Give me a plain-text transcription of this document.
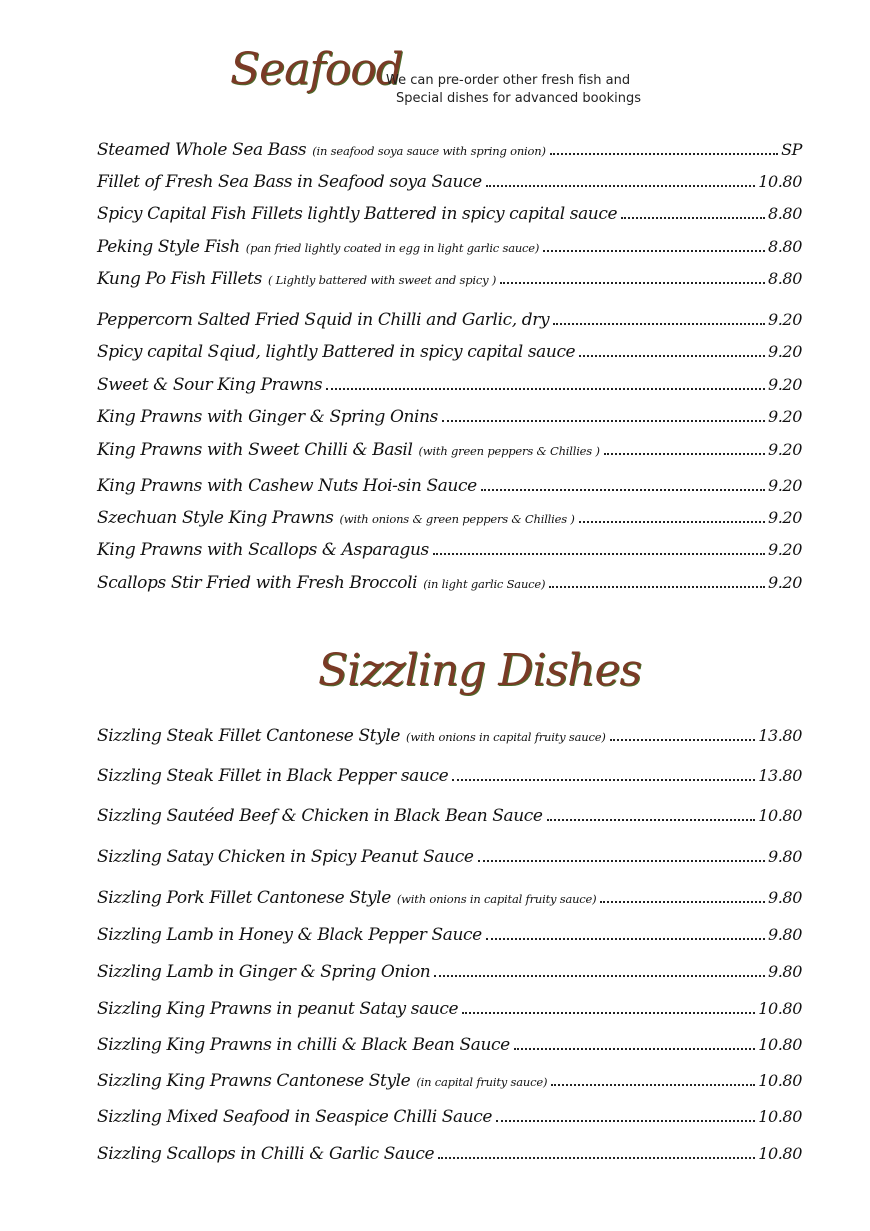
Seafood
We can pre-order other fresh fish and
Special dishes for advanced bookings
Steamed Whole Sea Bass (in seafood soya sauce with spring onion)	SP
Fillet of Fresh Sea Bass in Seafood soya Sauce	10.80
Spicy Capital Fish Fillets lightly Battered in spicy capital sauce	8.80
Peking Style Fish (pan fried lightly coated in egg in light garlic sauce)	8.80
Kung Po Fish Fillets ( Lightly battered with sweet and spicy )	8.80
Peppercorn Salted Fried Squid in Chilli and Garlic, dry	9.20
Spicy capital Sqiud, lightly Battered in spicy capital sauce	9.20
Sweet & Sour King Prawns	9.20
King Prawns with Ginger & Spring Onins	9.20
King Prawns with Sweet Chilli & Basil (with green peppers & Chillies )	9.20
King Prawns with Cashew Nuts Hoi-sin Sauce	9.20
Szechuan Style King Prawns (with onions & green peppers & Chillies )	9.20
King Prawns with Scallops & Asparagus	9.20
Scallops Stir Fried with Fresh Broccoli (in light garlic Sauce)	9.20
Sizzling Dishes
Sizzling Steak Fillet Cantonese Style (with onions in capital fruity sauce)	13.80
Sizzling Steak Fillet in Black Pepper sauce	13.80
Sizzling Sautéed Beef & Chicken in Black Bean Sauce	10.80
Sizzling Satay Chicken in Spicy Peanut Sauce	9.80
Sizzling Pork Fillet Cantonese Style (with onions in capital fruity sauce)	9.80
Sizzling Lamb in Honey & Black Pepper Sauce	9.80
Sizzling Lamb in Ginger & Spring Onion	9.80
Sizzling King Prawns in peanut Satay sauce	10.80
Sizzling King Prawns in chilli & Black Bean Sauce	10.80
Sizzling King Prawns Cantonese Style (in capital fruity sauce)	10.80
Sizzling Mixed Seafood in Seaspice Chilli Sauce	10.80
Sizzling Scallops in Chilli & Garlic Sauce	10.80
